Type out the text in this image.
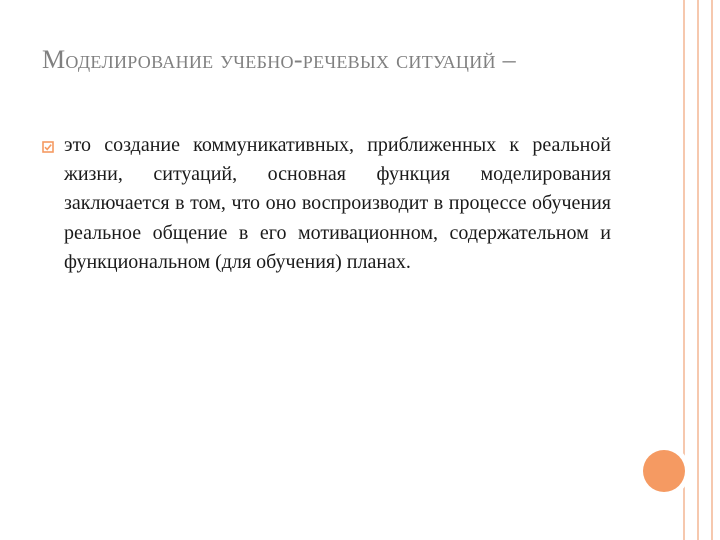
Моделирование учебно-речевых ситуаций –
это создание коммуникативных, приближенных к реальной жизни, ситуаций, основная функция моделирования заключается в том, что оно воспроизводит в процессе обучения реальное общение в его мотивационном, содержательном и функциональном (для обучения) планах.
